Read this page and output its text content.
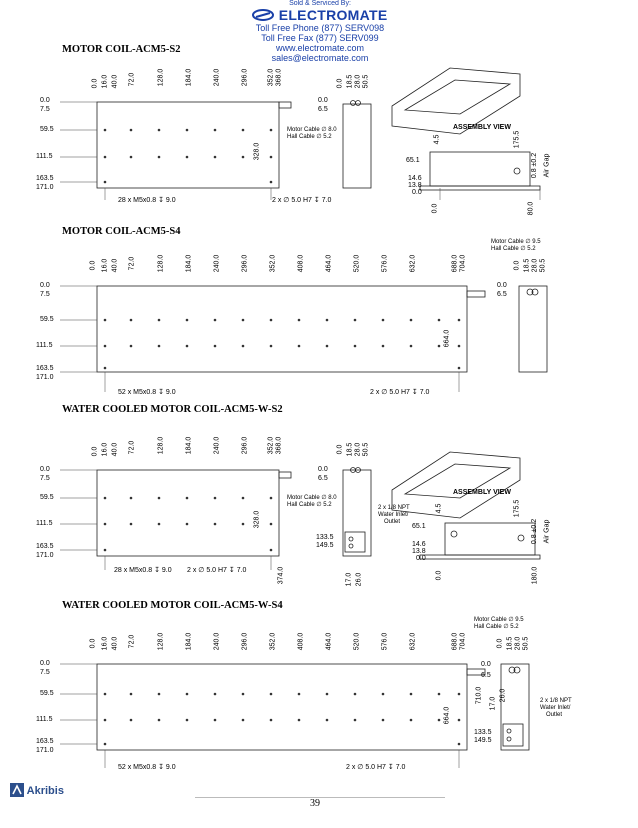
Sold & Serviced By:
ELECTROMATE
Toll Free Phone (877) SERV098
Toll Free Fax (877) SERV099
www.electromate.com
sales@electromate.com
MOTOR COIL-ACM5-S2
MOTOR COIL-ACM5-S4
WATER COOLED MOTOR COIL-ACM5-W-S2
WATER COOLED MOTOR COIL-ACM5-W-S4
0.0 16.0 40.0 72.0	128.0	184.0	240.0	296.0	352.0 368.0
0.0
7.5
59.5
111.5
163.5
171.0
0.0 18.5 28.0 50.5
0.0
6.5
Motor Cable ∅ 8.0
Hall Cable ∅ 5.2
328.0
28 x M5x0.8 ↧ 9.0	2 x ∅ 5.0 H7 ↧ 7.0
ASSEMBLY VIEW
4.5	175.5
65.1
14.6
13.8
0.0
0.0	80.0
0.8 ±0.2 Air Gap
0.0 16.0 40.0 72.0	128.0	184.0	240.0	296.0	352.0	408.0	464.0	520.0	576.0	632.0	688.0 704.0
0.0
7.5
59.5
111.5
163.5
171.0
Motor Cable ∅ 9.5
Hall Cable ∅ 5.2
0.0 18.5 28.0 50.5
0.0
6.5
664.0
52 x M5x0.8 ↧ 9.0	2 x ∅ 5.0 H7 ↧ 7.0
0.0 16.0 40.0 72.0	128.0	184.0	240.0	296.0	352.0 368.0
0.0
7.5
59.5
111.5
163.5
171.0
0.0 18.5 28.0 50.5
0.0
6.5
Motor Cable ∅ 8.0
Hall Cable ∅ 5.2	2 x 1/8 NPT
Water Inlet/
Outlet
133.5
149.5
328.0
374.0	17.0 26.0
28 x M5x0.8 ↧ 9.0 2 x ∅ 5.0 H7 ↧ 7.0
ASSEMBLY VIEW
4.5	175.5
65.1
14.6
13.8
0.0
0.0	180.0
0.8 ±0.2 Air Gap
0.0 16.0 40.0 72.0	128.0	184.0	240.0	296.0	352.0	408.0	464.0	520.0	576.0	632.0	688.0 704.0
0.0
7.5
59.5
111.5
163.5
171.0
Motor Cable ∅ 9.5
Hall Cable ∅ 5.2
0.0 18.5 28.0 50.5
0.0
6.5
2 x 1/8 NPT
Water Inlet/
Outlet
133.5
149.5
664.0
710.0 17.0
26.0
52 x M5x0.8 ↧ 9.0	2 x ∅ 5.0 H7 ↧ 7.0
Akribis
39
